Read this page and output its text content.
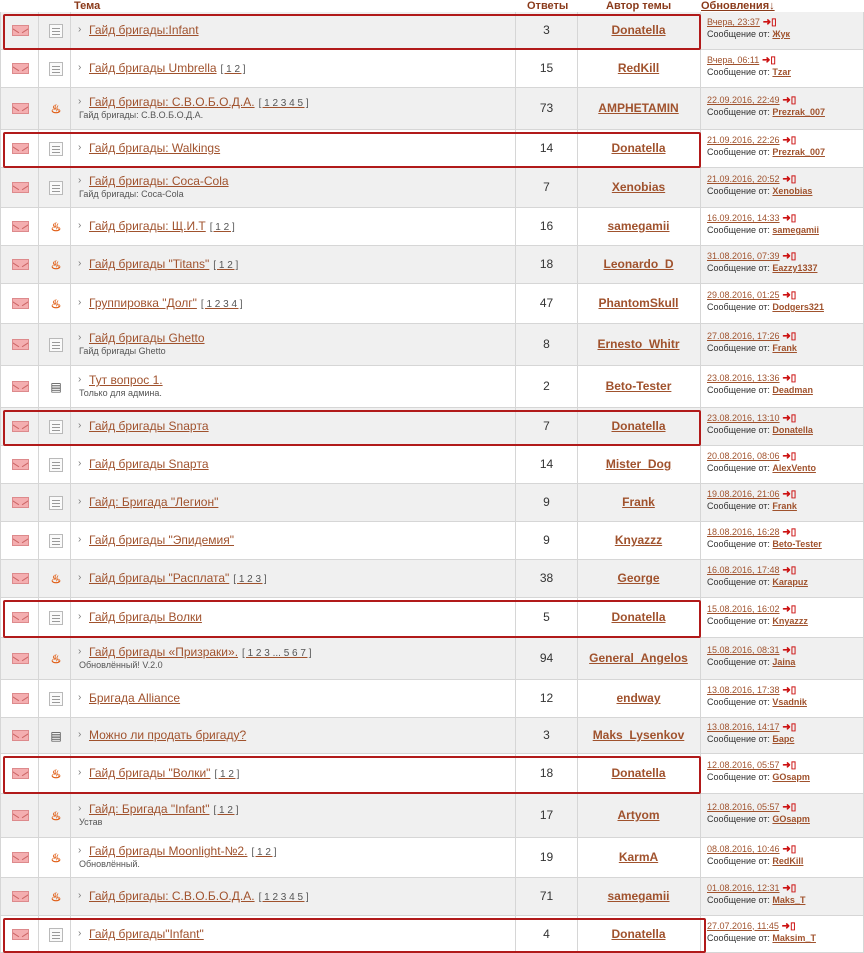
Тема	Ответы	Автор темы	Обновления↓
› Гайд бригады:Infant	3	Donatella
Вчера, 23:37 ➜▯
Сообщение от: Жук
› Гайд бригады Umbrella [ 1 2 ]	15	RedKill
Вчера, 06:11 ➜▯
Сообщение от: Tzar
♨
› Гайд бригады: С.В.О.Б.О.Д.А. [ 1 2 3 4 5 ]
Гайд бригады: С.В.О.Б.О.Д.А.	73	AMPHETAMIN
22.09.2016, 22:49 ➜▯
Сообщение от: Prezrak_007
› Гайд бригады: Walkings	14	Donatella
21.09.2016, 22:26 ➜▯
Сообщение от: Prezrak_007
› Гайд бригады: Coca-Cola
Гайд бригады: Coca-Cola	7	Xenobias
21.09.2016, 20:52 ➜▯
Сообщение от: Xenobias
♨ › Гайд бригады: Щ.И.Т [ 1 2 ]	16	samegamii
16.09.2016, 14:33 ➜▯
Сообщение от: samegamii
♨ › Гайд бригады "Titans" [ 1 2 ]	18	Leonardo_D
31.08.2016, 07:39 ➜▯
Сообщение от: Eazzy1337
♨ › Группировка "Долг" [ 1 2 3 4 ]	47	PhantomSkull
29.08.2016, 01:25 ➜▯
Сообщение от: Dodgers321
› Гайд бригады Ghetto
Гайд бригады Ghetto	8	Ernesto_Whitr
27.08.2016, 17:26 ➜▯
Сообщение от: Frank
▤
› Тут вопрос 1.
Только для админа.	2	Beto-Tester
23.08.2016, 13:36 ➜▯
Сообщение от: Deadman
› Гайд бригады Snapта	7	Donatella
23.08.2016, 13:10 ➜▯
Сообщение от: Donatella
› Гайд бригады Snapта	14	Mister_Dog
20.08.2016, 08:06 ➜▯
Сообщение от: AlexVento
› Гайд: Бригада "Легион"	9	Frank
19.08.2016, 21:06 ➜▯
Сообщение от: Frank
› Гайд бригады "Эпидемия"	9	Knyazzz
18.08.2016, 16:28 ➜▯
Сообщение от: Beto-Tester
♨ › Гайд бригады "Расплата" [ 1 2 3 ]	38	George
16.08.2016, 17:48 ➜▯
Сообщение от: Karapuz
› Гайд бригады Волки	5	Donatella
15.08.2016, 16:02 ➜▯
Сообщение от: Knyazzz
♨
› Гайд бригады «Призраки». [ 1 2 3 ... 5 6 7 ]
Обновлённый! V.2.0	94	General_Angelos
15.08.2016, 08:31 ➜▯
Сообщение от: Jaina
› Бригада Alliance	12	endway
13.08.2016, 17:38 ➜▯
Сообщение от: Vsadnik
▤ › Можно ли продать бригаду?	3	Maks_Lysenkov
13.08.2016, 14:17 ➜▯
Сообщение от: Барс
♨ › Гайд бригады "Волки" [ 1 2 ]	18	Donatella
12.08.2016, 05:57 ➜▯
Сообщение от: GOsapm
♨
› Гайд: Бригада "Infant" [ 1 2 ]
Устав	17	Artyom
12.08.2016, 05:57 ➜▯
Сообщение от: GOsapm
♨
› Гайд бригады Moonlight-№2. [ 1 2 ]
Обновлённый.	19	KarmA
08.08.2016, 10:46 ➜▯
Сообщение от: RedKill
♨ › Гайд бригады: С.В.О.Б.О.Д.А. [ 1 2 3 4 5 ]	71	samegamii
01.08.2016, 12:31 ➜▯
Сообщение от: Maks_T
› Гайд бригады"Infant"	4	Donatella
27.07.2016, 11:45 ➜▯
Сообщение от: Maksim_T
